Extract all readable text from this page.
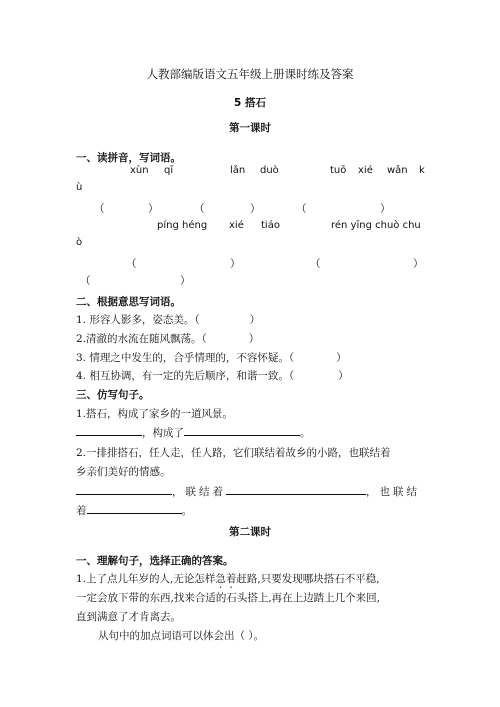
人教部编版语文五年级上册课时练及答案
5 搭石
第一课时
一、读拼音，写词语。
xùn qī	lǎn duò	tuō xié wǎn k
ù
（	）	（	）	（	）
píng héng xié tiáo	rén yīng chuò chu
ò
（	）	（	）
（	）
二、根据意思写词语。
1. 形容人影多，姿态美。（	）
2.清澈的水流在随风飘荡。（	）
3. 情理之中发生的，合乎情理的，不容怀疑。（	）
4. 相互协调，有一定的先后顺序，和谐一致。（	）
三、仿写句子。
1.搭石，构成了家乡的一道风景。
，构成了	。
2.一排排搭石，任人走，任人路，它们联结着故乡的小路，也联结着
乡亲们美好的情感。
，联结着	，也联结
着	。
第二课时
一、理解句子，选择正确的答案。
1.上了点儿年岁的人,无论怎样急着赶路,只要发现哪块搭石不平稳,
一定会放下带的东西,找来合适的石头搭上,再在上边踏上几个来回,
直到满意了才肯离去。
从句中的加点词语可以体会出（ ）。
